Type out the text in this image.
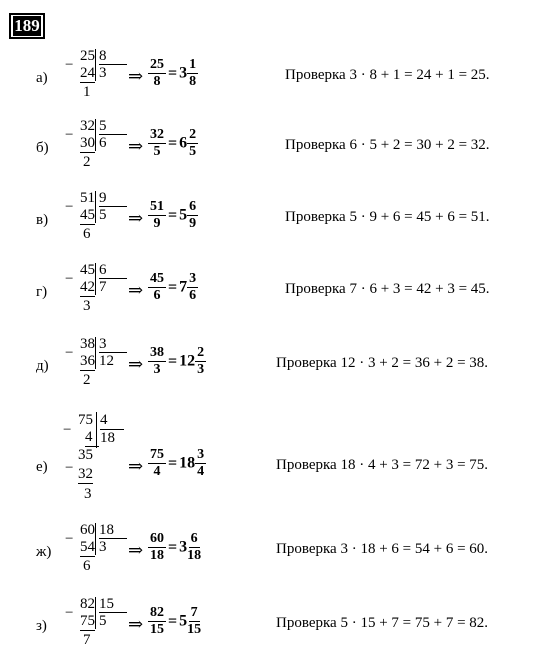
189
а)
25
− 24
8
3
1
⇒ $\frac{25}{8} = 3 \frac{1}{8}$	Проверка 3 · 8 + 1 = 24 + 1 = 25.
б)
32
− 30
5
6
2
⇒ $\frac{32}{5} = 6 \frac{2}{5}$	Проверка 6 · 5 + 2 = 30 + 2 = 32.
в)
51
− 45
9
5
6
⇒ $\frac{51}{9} = 5 \frac{6}{9}$	Проверка 5 · 9 + 6 = 45 + 6 = 51.
г)
45
− 42
6
7
3
⇒ $\frac{45}{6} = 7 \frac{3}{6}$	Проверка 7 · 6 + 3 = 42 + 3 = 45.
д)
38
− 36
3
12
2
⇒ $\frac{38}{3} = 12 \frac{2}{3}$	Проверка 12 · 3 + 2 = 36 + 2 = 38.
е)
75
− 4
4
18
35
− 32
3
⇒ $\frac{75}{4} = 18 \frac{3}{4}$	Проверка 18 · 4 + 3 = 72 + 3 = 75.
ж)
60
− 54
18
3
6
⇒ $\frac{60}{18} = 3 \frac{6}{18}$	Проверка 3 · 18 + 6 = 54 + 6 = 60.
з)
82
− 75
15
5
7
⇒ $\frac{82}{15} = 5 \frac{7}{15}$	Проверка 5 · 15 + 7 = 75 + 7 = 82.
